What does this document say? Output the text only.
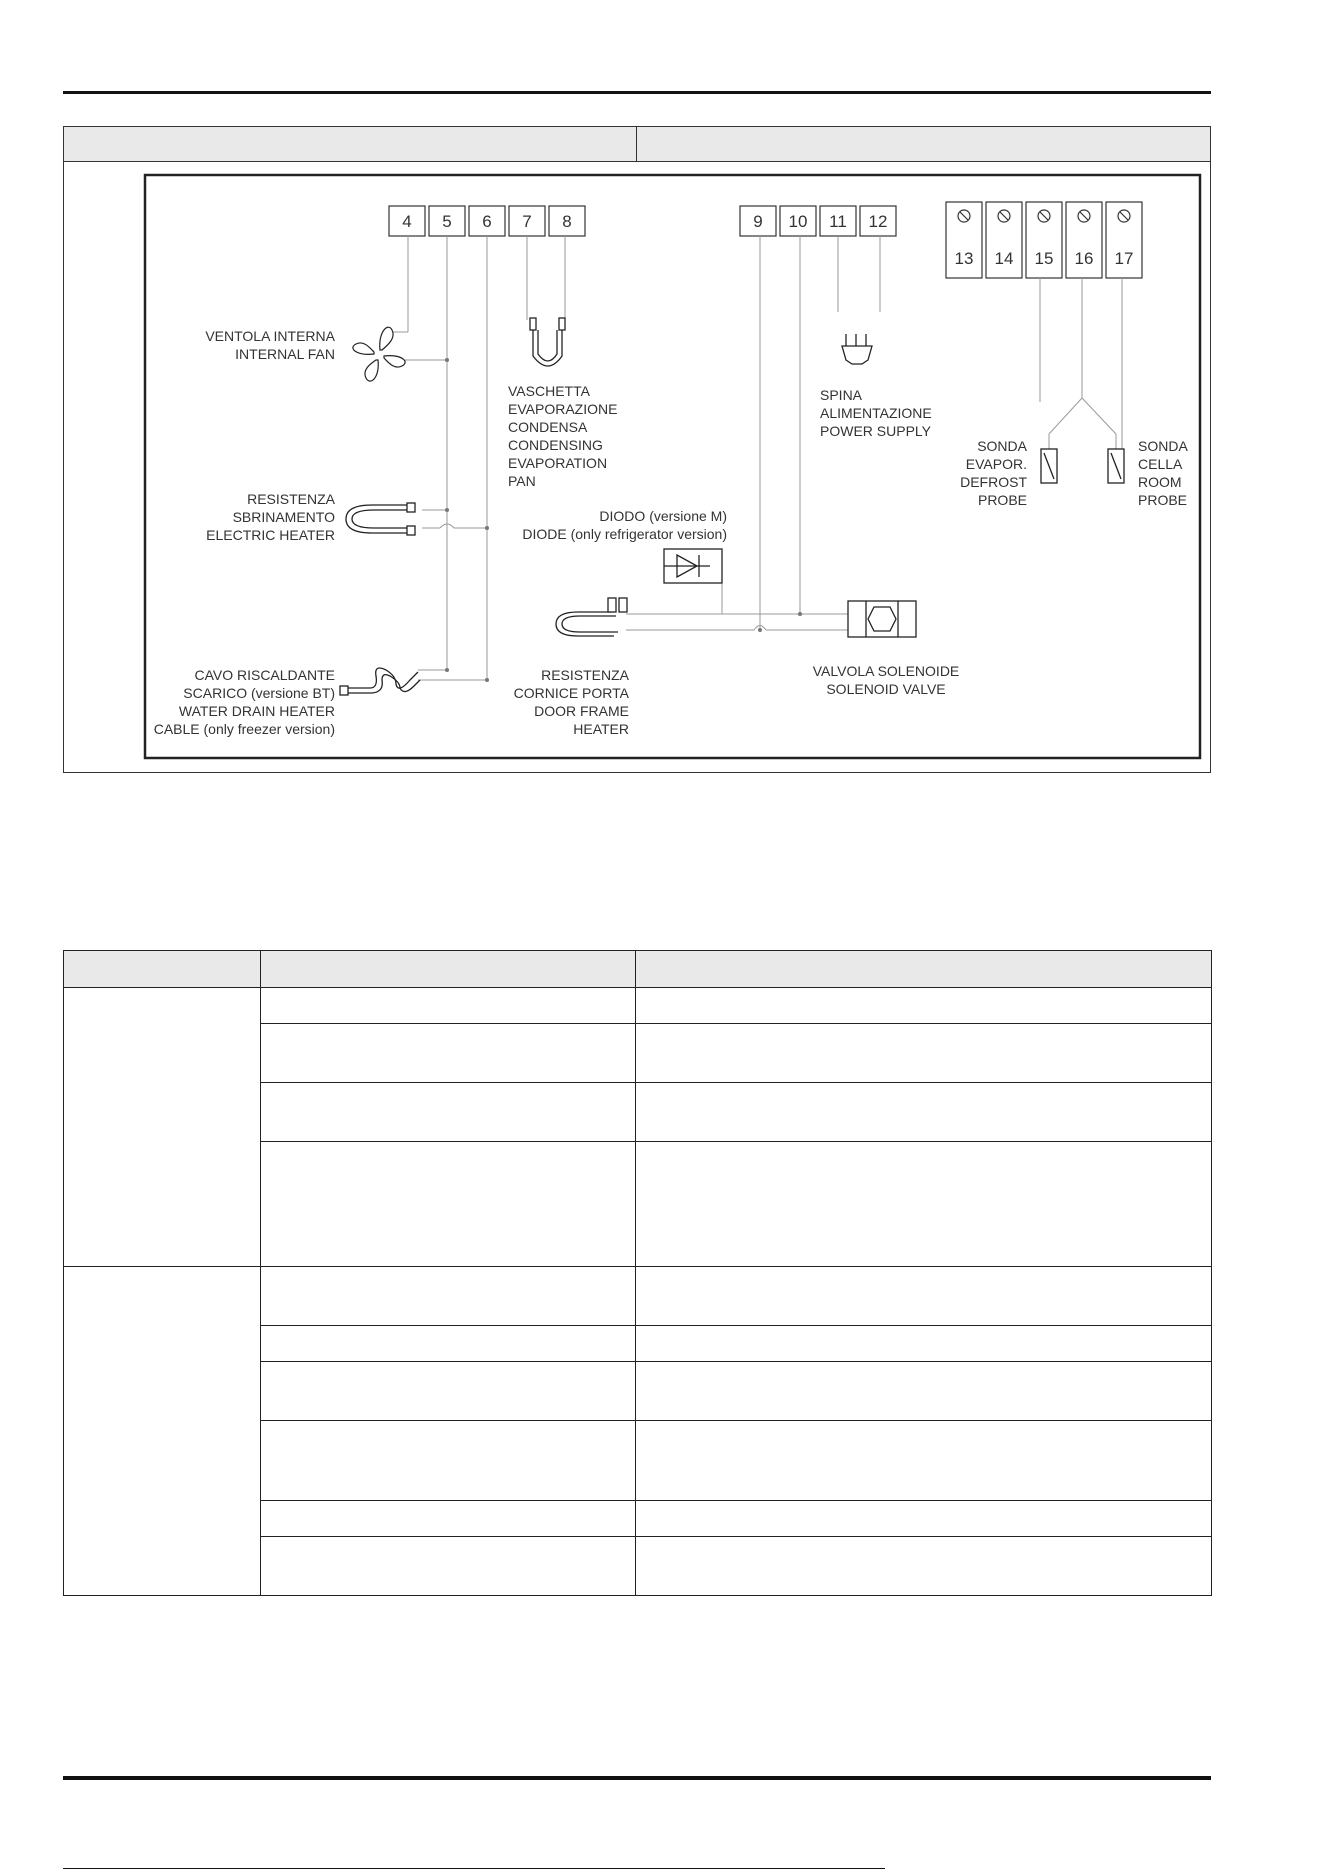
4 5 6 7 8	9 10 11 12
13 14 15 16 17
VENTOLA INTERNA
INTERNAL FAN
VASCHETTA
EVAPORAZIONE
CONDENSA
CONDENSING
EVAPORATION
PAN
SPINA
ALIMENTAZIONE
POWER SUPPLY
SONDA
EVAPOR.
DEFROST
PROBE
SONDA
CELLA
ROOM
PROBE
RESISTENZA
SBRINAMENTO
ELECTRIC HEATER
DIODO (versione M)
DIODE (only refrigerator version)
CAVO RISCALDANTE
SCARICO (versione BT)
WATER DRAIN HEATER
CABLE (only freezer version)
RESISTENZA
CORNICE PORTA
DOOR FRAME
HEATER
VALVOLA SOLENOIDE
SOLENOID VALVE
